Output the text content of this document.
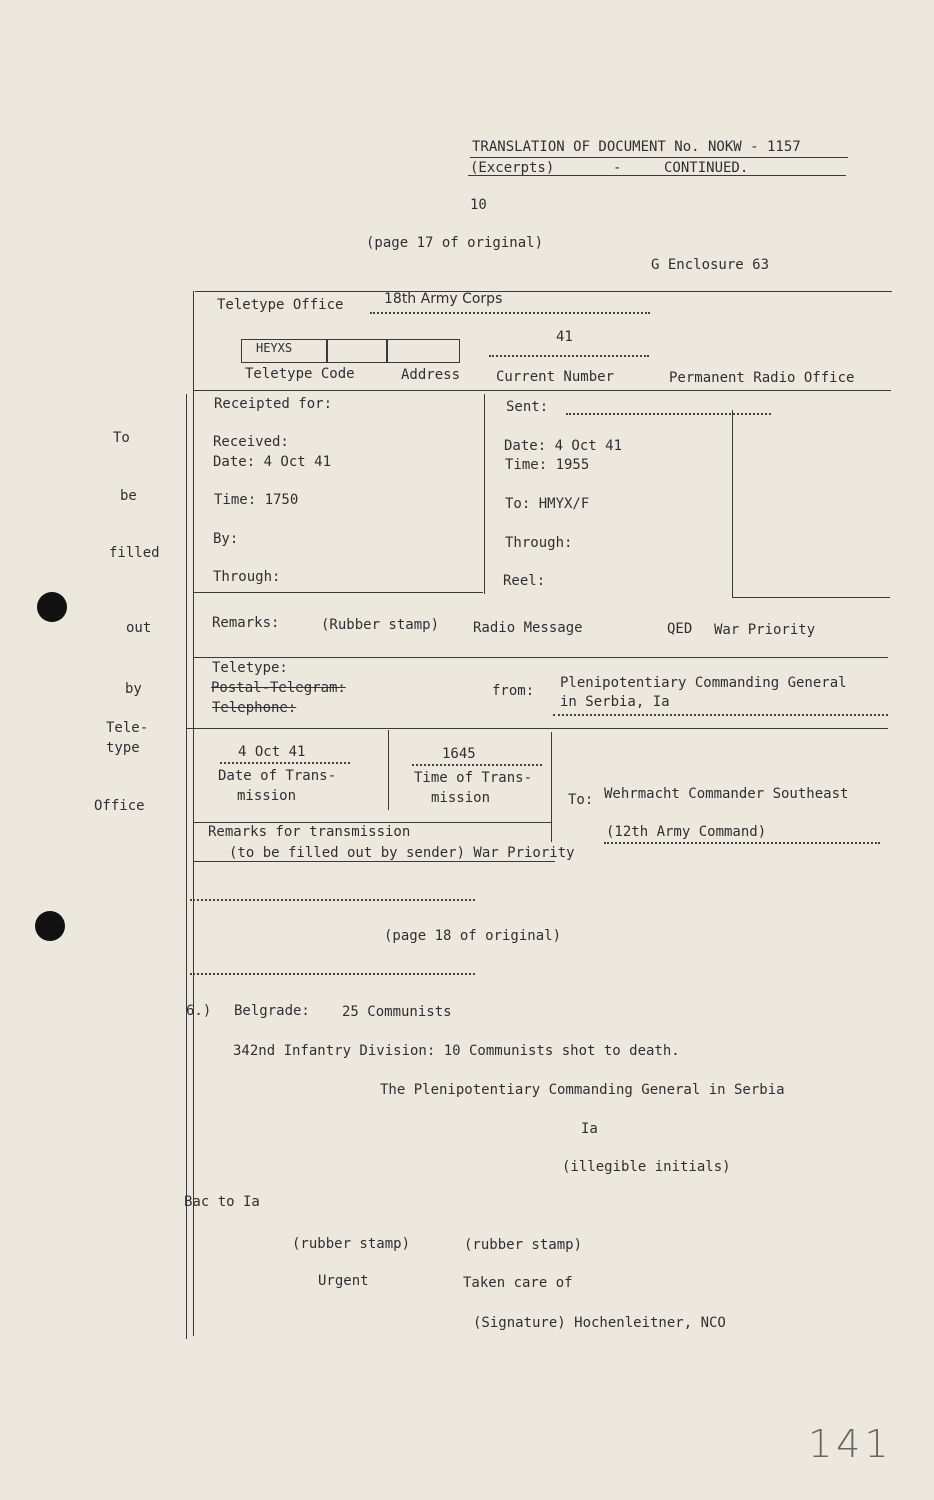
TRANSLATION OF DOCUMENT No. NOKW - 1157
(Excerpts)	-	CONTINUED.
10
(page 17 of original)
G Enclosure 63
To
be
filled
out
by
Tele-
type
Office
Teletype Office	18th Army Corps
HEYXS
41
Teletype Code	Address	Current Number	Permanent Radio Office
Receipted for:
Received:
Date: 4 Oct 41
Time: 1750
By:
Through:
Sent:
Date: 4 Oct 41
Time: 1955
To: HMYX/F
Through:
Reel:
Remarks:	(Rubber stamp) Radio Message	QED War Priority
Teletype:
Postal-Telegram:
Telephone:
from: Plenipotentiary Commanding General
in Serbia, Ia
4 Oct 41
Date of Trans-
mission
1645
Time of Trans-
mission	To: Wehrmacht Commander Southeast
(12th Army Command)
Remarks for transmission
(to be filled out by sender) War Priority
(page 18 of original)
6.) Belgrade: 25 Communists
342nd Infantry Division: 10 Communists shot to death.
The Plenipotentiary Commanding General in Serbia
Ia
(illegible initials)
Bac to Ia
(rubber stamp)	(rubber stamp)
Urgent	Taken care of
(Signature) Hochenleitner, NCO
141
